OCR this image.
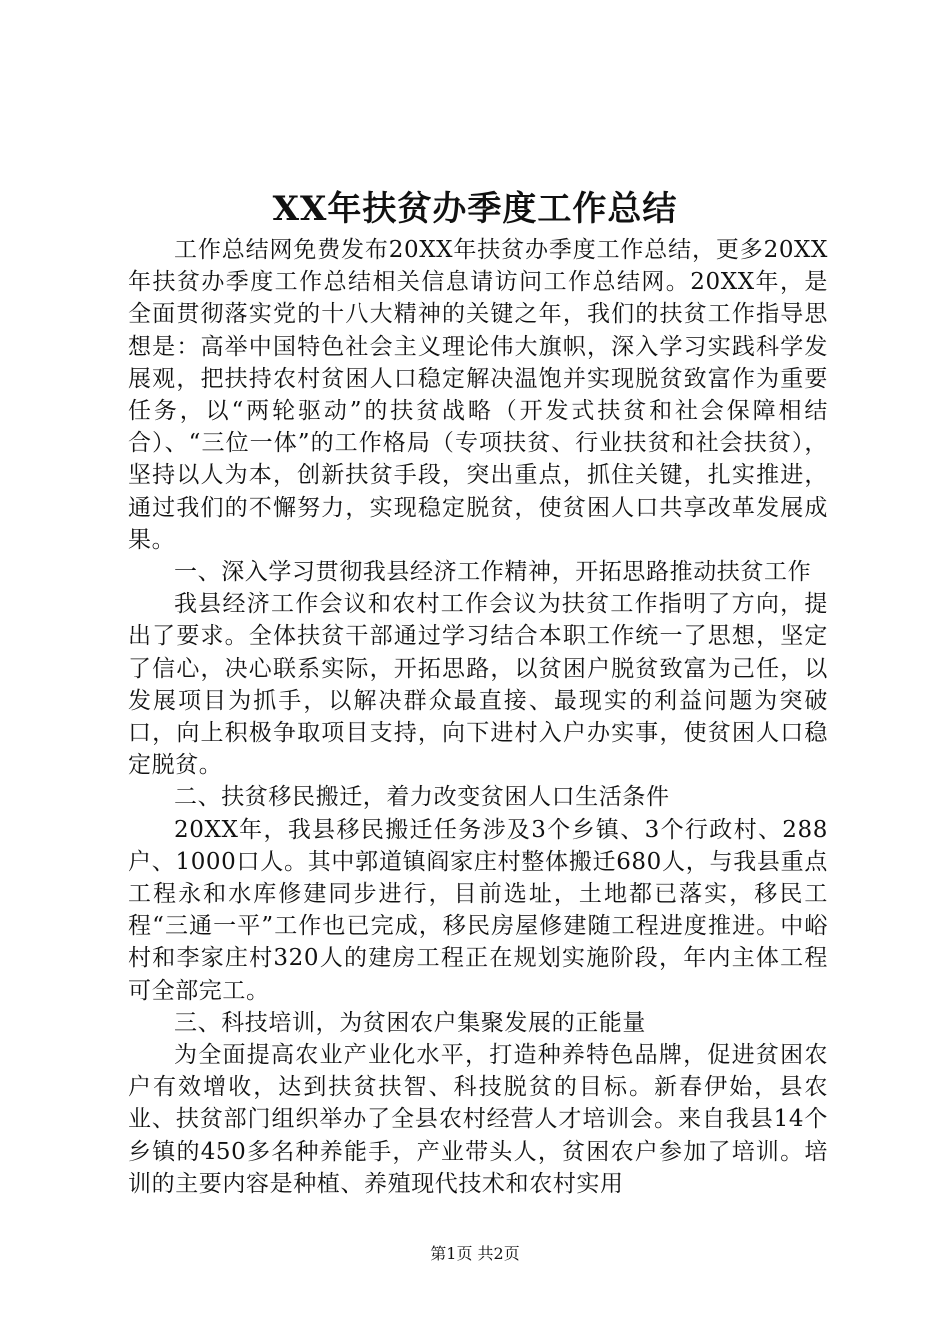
XX年扶贫办季度工作总结

工作总结网免费发布20XX年扶贫办季度工作总结，更多20XX年扶贫办季度工作总结相关信息请访问工作总结网。20XX年，是全面贯彻落实党的十八大精神的关键之年，我们的扶贫工作指导思想是：高举中国特色社会主义理论伟大旗帜，深入学习实践科学发展观，把扶持农村贫困人口稳定解决温饱并实现脱贫致富作为重要任务，以“两轮驱动”的扶贫战略（开发式扶贫和社会保障相结合）、“三位一体”的工作格局（专项扶贫、行业扶贫和社会扶贫），坚持以人为本，创新扶贫手段，突出重点，抓住关键，扎实推进，通过我们的不懈努力，实现稳定脱贫，使贫困人口共享改革发展成果。

一、深入学习贯彻我县经济工作精神，开拓思路推动扶贫工作

我县经济工作会议和农村工作会议为扶贫工作指明了方向，提出了要求。全体扶贫干部通过学习结合本职工作统一了思想，坚定了信心，决心联系实际，开拓思路，以贫困户脱贫致富为己任，以发展项目为抓手，以解决群众最直接、最现实的利益问题为突破口，向上积极争取项目支持，向下进村入户办实事，使贫困人口稳定脱贫。

二、扶贫移民搬迁，着力改变贫困人口生活条件

20XX年，我县移民搬迁任务涉及3个乡镇、3个行政村、288户、1000口人。其中郭道镇阎家庄村整体搬迁680人，与我县重点工程永和水库修建同步进行，目前选址，土地都已落实，移民工程“三通一平”工作也已完成，移民房屋修建随工程进度推进。中峪村和李家庄村320人的建房工程正在规划实施阶段，年内主体工程可全部完工。

三、科技培训，为贫困农户集聚发展的正能量

为全面提高农业产业化水平，打造种养特色品牌，促进贫困农户有效增收，达到扶贫扶智、科技脱贫的目标。新春伊始，县农业、扶贫部门组织举办了全县农村经营人才培训会。来自我县14个乡镇的450多名种养能手，产业带头人，贫困农户参加了培训。培训的主要内容是种植、养殖现代技术和农村实用

第1页 共2页
